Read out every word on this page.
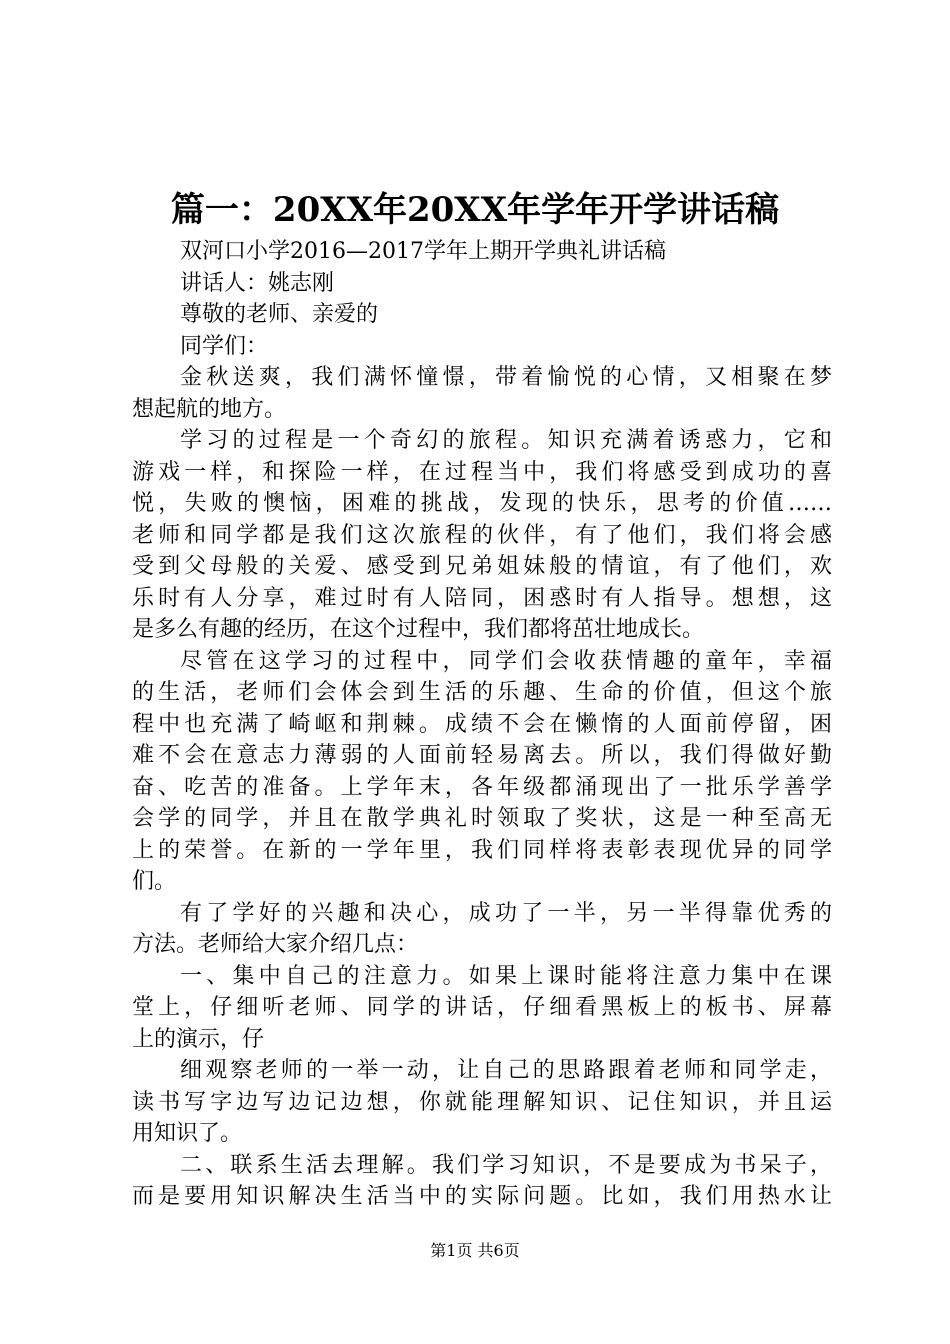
篇一：20XX年20XX年学年开学讲话稿
双河口小学2016—2017学年上期开学典礼讲话稿
讲话人：姚志刚
尊敬的老师、亲爱的
同学们：
金秋送爽，我们满怀憧憬，带着愉悦的心情，又相聚在梦
想起航的地方。
学习的过程是一个奇幻的旅程。知识充满着诱惑力，它和
游戏一样，和探险一样，在过程当中，我们将感受到成功的喜
悦，失败的懊恼，困难的挑战，发现的快乐，思考的价值……
老师和同学都是我们这次旅程的伙伴，有了他们，我们将会感
受到父母般的关爱、感受到兄弟姐妹般的情谊，有了他们，欢
乐时有人分享，难过时有人陪同，困惑时有人指导。想想，这
是多么有趣的经历，在这个过程中，我们都将茁壮地成长。
尽管在这学习的过程中，同学们会收获情趣的童年，幸福
的生活，老师们会体会到生活的乐趣、生命的价值，但这个旅
程中也充满了崎岖和荆棘。成绩不会在懒惰的人面前停留，困
难不会在意志力薄弱的人面前轻易离去。所以，我们得做好勤
奋、吃苦的准备。上学年末，各年级都涌现出了一批乐学善学
会学的同学，并且在散学典礼时领取了奖状，这是一种至高无
上的荣誉。在新的一学年里，我们同样将表彰表现优异的同学
们。
有了学好的兴趣和决心，成功了一半，另一半得靠优秀的
方法。老师给大家介绍几点：
一、集中自己的注意力。如果上课时能将注意力集中在课
堂上，仔细听老师、同学的讲话，仔细看黑板上的板书、屏幕
上的演示，仔
细观察老师的一举一动，让自己的思路跟着老师和同学走，
读书写字边写边记边想，你就能理解知识、记住知识，并且运
用知识了。
二、联系生活去理解。我们学习知识，不是要成为书呆子，
而是要用知识解决生活当中的实际问题。比如，我们用热水让
第1页 共6页
